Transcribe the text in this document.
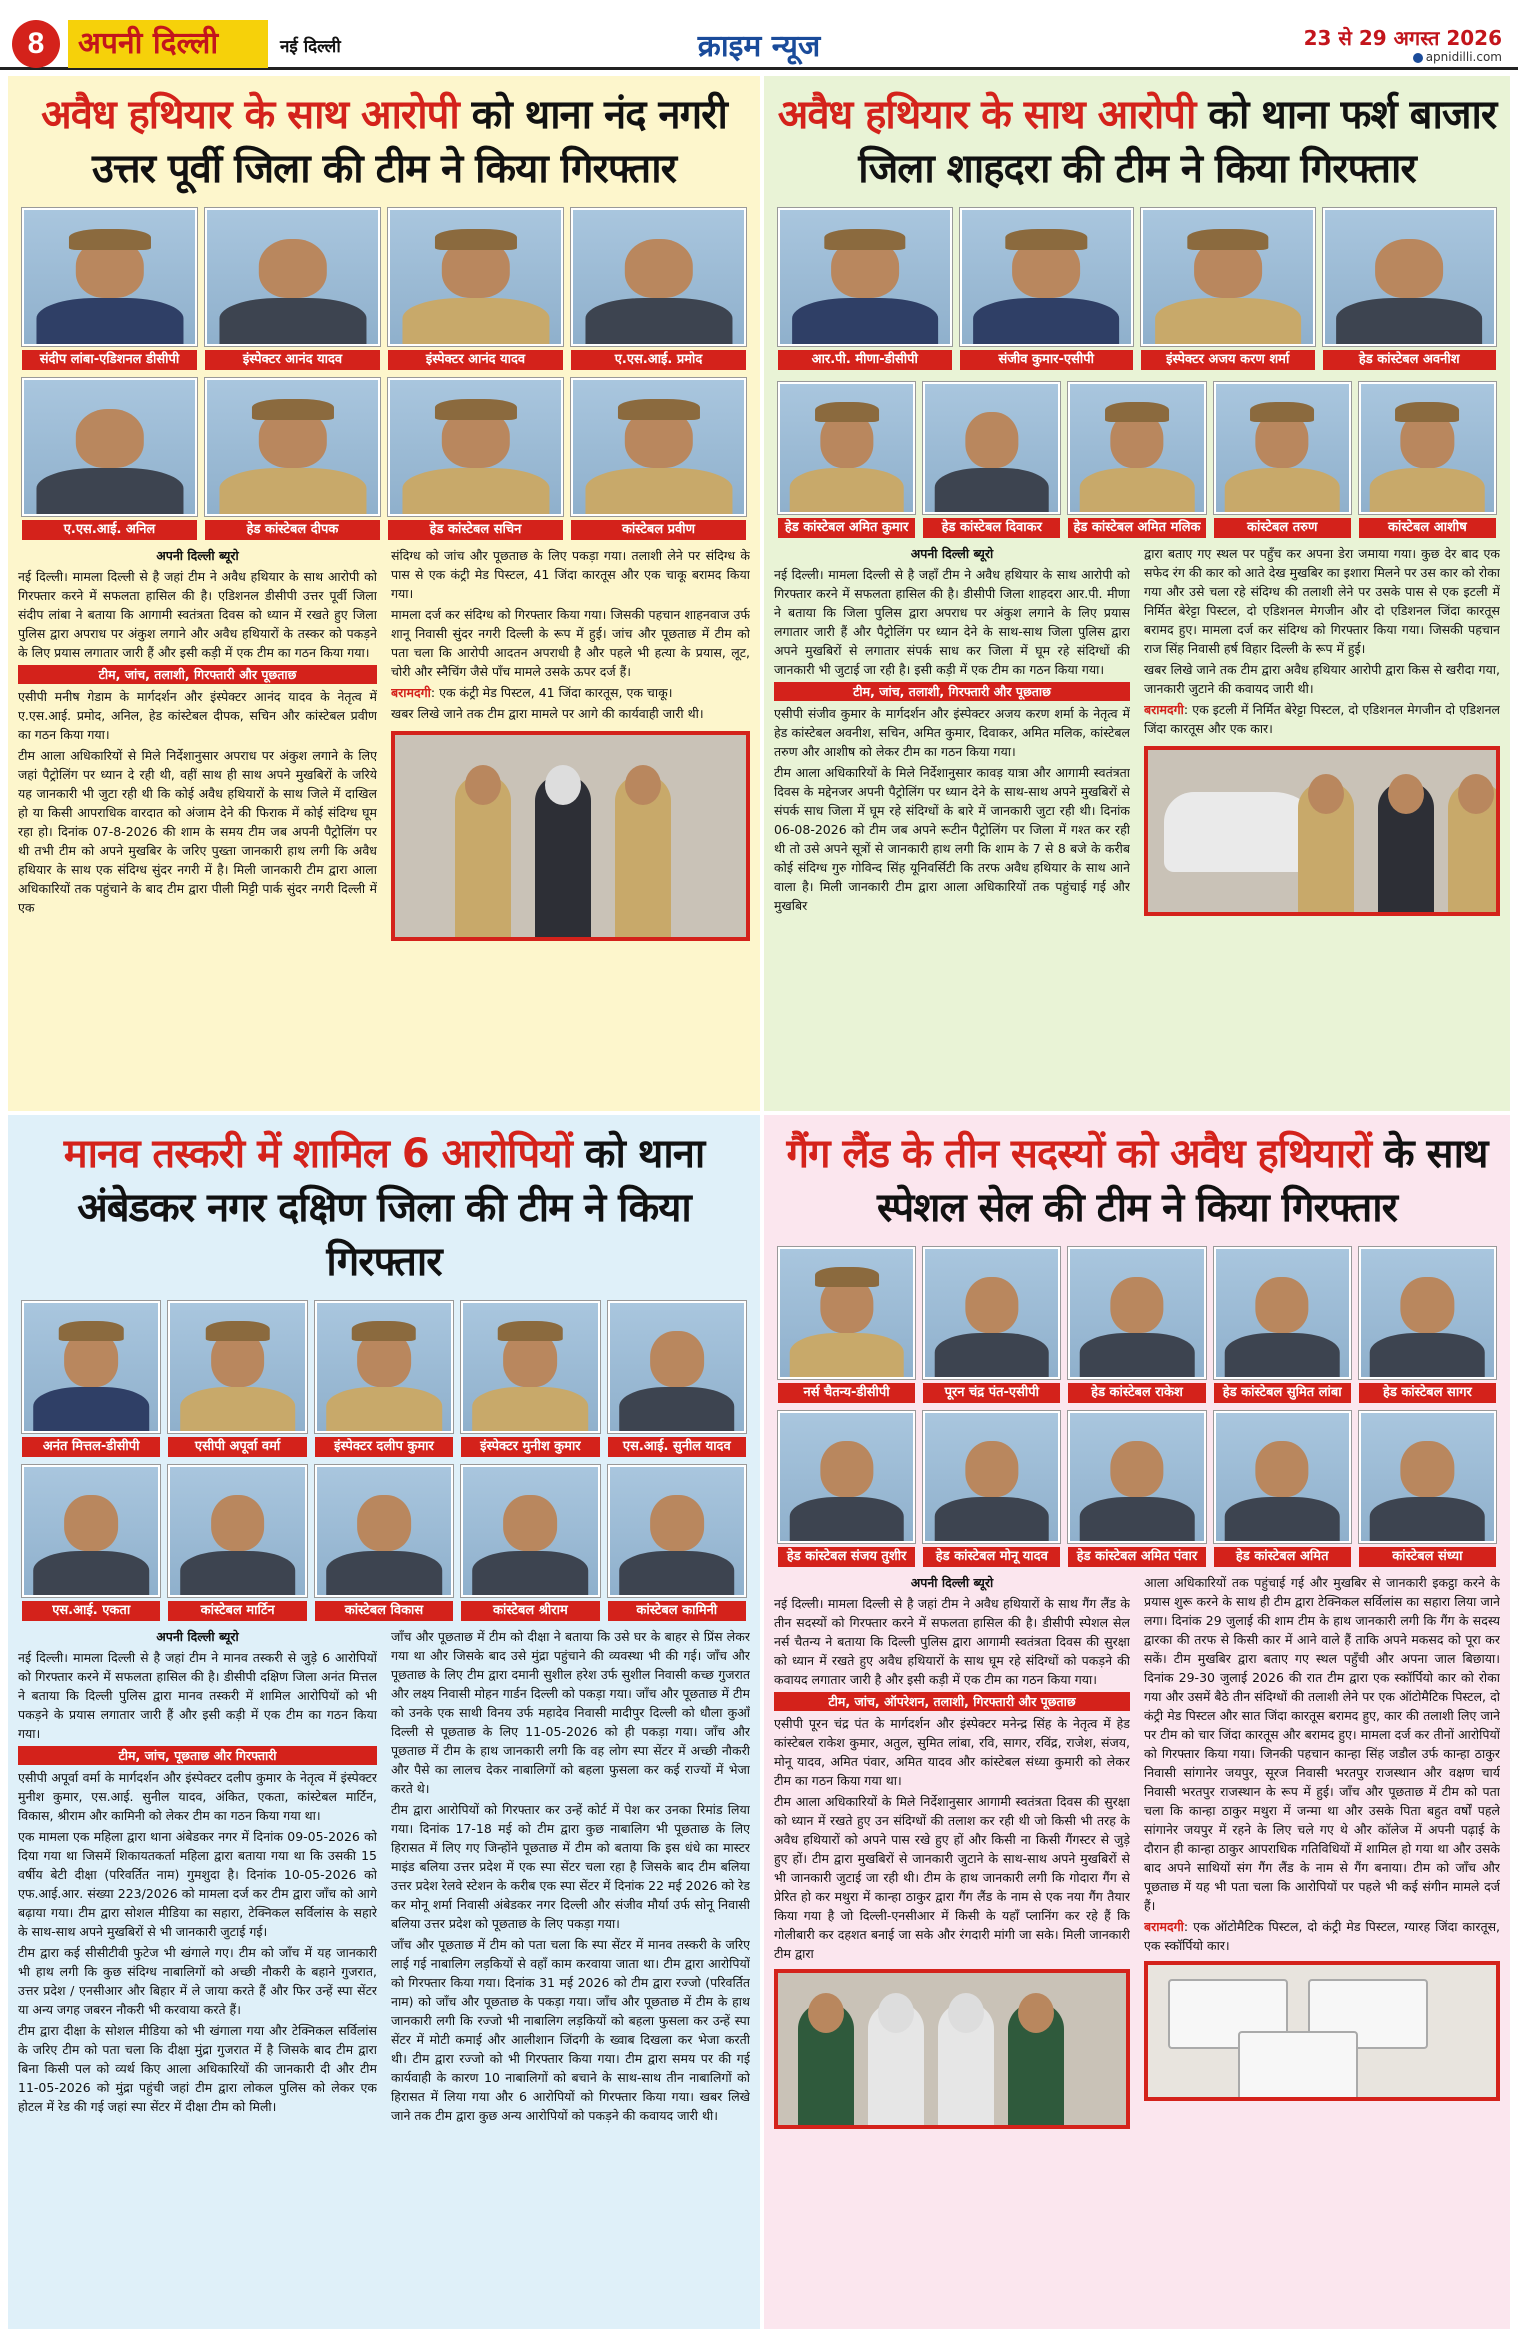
8	अपनी दिल्ली	नई दिल्ली	क्राइम न्यूज	23 से 29 अगस्त 2026
apnidilli.com
अवैध हथियार के साथ आरोपी को थाना नंद नगरी उत्तर पूर्वी जिला की टीम ने किया गिरफ्तार
संदीप लांबा-एडिशनल डीसीपी	इंस्पेक्टर आनंद यादव	इंस्पेक्टर आनंद यादव	ए.एस.आई. प्रमोद
ए.एस.आई. अनिल	हेड कांस्टेबल दीपक	हेड कांस्टेबल सचिन	कांस्टेबल प्रवीण
अपनी दिल्ली ब्यूरो

नई दिल्ली। मामला दिल्ली से है जहां टीम ने अवैध हथियार के साथ आरोपी को गिरफ्तार करने में सफलता हासिल की है। एडिशनल डीसीपी उत्तर पूर्वी जिला संदीप लांबा ने बताया कि आगामी स्वतंत्रता दिवस को ध्यान में रखते हुए जिला पुलिस द्वारा अपराध पर अंकुश लगाने और अवैध हथियारों के तस्कर को पकड़ने के लिए प्रयास लगातार जारी हैं और इसी कड़ी में एक टीम का गठन किया गया।

टीम, जांच, तलाशी, गिरफ्तारी और पूछताछ

एसीपी मनीष गेडाम के मार्गदर्शन और इंस्पेक्टर आनंद यादव के नेतृत्व में ए.एस.आई. प्रमोद, अनिल, हेड कांस्टेबल दीपक, सचिन और कांस्टेबल प्रवीण का गठन किया गया।

टीम आला अधिकारियों से मिले निर्देशानुसार अपराध पर अंकुश लगाने के लिए जहां पैट्रोलिंग पर ध्यान दे रही थी, वहीं साथ ही साथ अपने मुखबिरों के जरिये यह जानकारी भी जुटा रही थी कि कोई अवैध हथियारों के साथ जिले में दाखिल हो या किसी आपराधिक वारदात को अंजाम देने की फिराक में कोई संदिग्ध घूम रहा हो। दिनांक 07-8-2026 की शाम के समय टीम जब अपनी पैट्रोलिंग पर थी तभी टीम को अपने मुखबिर के जरिए पुख्ता जानकारी हाथ लगी कि अवैध हथियार के साथ एक संदिग्ध सुंदर नगरी में है। मिली जानकारी टीम द्वारा आला अधिकारियों तक पहुंचाने के बाद टीम द्वारा पीली मिट्टी पार्क सुंदर नगरी दिल्ली में एक

संदिग्ध को जांच और पूछताछ के लिए पकड़ा गया। तलाशी लेने पर संदिग्ध के पास से एक कंट्री मेड पिस्टल, 41 जिंदा कारतूस और एक चाकू बरामद किया गया।

मामला दर्ज कर संदिग्ध को गिरफ्तार किया गया। जिसकी पहचान शाहनवाज उर्फ शानू निवासी सुंदर नगरी दिल्ली के रूप में हुई। जांच और पूछताछ में टीम को पता चला कि आरोपी आदतन अपराधी है और पहले भी हत्या के प्रयास, लूट, चोरी और स्नैचिंग जैसे पाँच मामले उसके ऊपर दर्ज हैं।

बरामदगी: एक कंट्री मेड पिस्टल, 41 जिंदा कारतूस, एक चाकू।

खबर लिखे जाने तक टीम द्वारा मामले पर आगे की कार्यवाही जारी थी।

अवैध हथियार के साथ आरोपी को थाना फर्श बाजार जिला शाहदरा की टीम ने किया गिरफ्तार
आर.पी. मीणा-डीसीपी	संजीव कुमार-एसीपी	इंस्पेक्टर अजय करण शर्मा	हेड कांस्टेबल अवनीश
हेड कांस्टेबल अमित कुमार	हेड कांस्टेबल दिवाकर	हेड कांस्टेबल अमित मलिक	कांस्टेबल तरुण	कांस्टेबल आशीष
अपनी दिल्ली ब्यूरो

नई दिल्ली। मामला दिल्ली से है जहाँ टीम ने अवैध हथियार के साथ आरोपी को गिरफ्तार करने में सफलता हासिल की है। डीसीपी जिला शाहदरा आर.पी. मीणा ने बताया कि जिला पुलिस द्वारा अपराध पर अंकुश लगाने के लिए प्रयास लगातार जारी हैं और पैट्रोलिंग पर ध्यान देने के साथ-साथ जिला पुलिस द्वारा अपने मुखबिरों से लगातार संपर्क साध कर जिला में घूम रहे संदिग्धों की जानकारी भी जुटाई जा रही है। इसी कड़ी में एक टीम का गठन किया गया।

टीम, जांच, तलाशी, गिरफ्तारी और पूछताछ

एसीपी संजीव कुमार के मार्गदर्शन और इंस्पेक्टर अजय करण शर्मा के नेतृत्व में हेड कांस्टेबल अवनीश, सचिन, अमित कुमार, दिवाकर, अमित मलिक, कांस्टेबल तरुण और आशीष को लेकर टीम का गठन किया गया।

टीम आला अधिकारियों के मिले निर्देशानुसार कावड़ यात्रा और आगामी स्वतंत्रता दिवस के मद्देनजर अपनी पैट्रोलिंग पर ध्यान देने के साथ-साथ अपने मुखबिरों से संपर्क साध जिला में घूम रहे संदिग्धों के बारे में जानकारी जुटा रही थी। दिनांक 06-08-2026 को टीम जब अपने रूटीन पैट्रोलिंग पर जिला में गश्त कर रही थी तो उसे अपने सूत्रों से जानकारी हाथ लगी कि शाम के 7 से 8 बजे के करीब कोई संदिग्ध गुरु गोविन्द सिंह यूनिवर्सिटी कि तरफ अवैध हथियार के साथ आने वाला है। मिली जानकारी टीम द्वारा आला अधिकारियों तक पहुंचाई गई और मुखबिर

द्वारा बताए गए स्थल पर पहुँच कर अपना डेरा जमाया गया। कुछ देर बाद एक सफेद रंग की कार को आते देख मुखबिर का इशारा मिलने पर उस कार को रोका गया और उसे चला रहे संदिग्ध की तलाशी लेने पर उसके पास से एक इटली में निर्मित बेरेट्टा पिस्टल, दो एडिशनल मेगजीन और दो एडिशनल जिंदा कारतूस बरामद हुए। मामला दर्ज कर संदिग्ध को गिरफ्तार किया गया। जिसकी पहचान राज सिंह निवासी हर्ष विहार दिल्ली के रूप में हुई।

खबर लिखे जाने तक टीम द्वारा अवैध हथियार आरोपी द्वारा किस से खरीदा गया, जानकारी जुटाने की कवायद जारी थी।

बरामदगी: एक इटली में निर्मित बेरेट्टा पिस्टल, दो एडिशनल मेगजीन दो एडिशनल जिंदा कारतूस और एक कार।

मानव तस्करी में शामिल 6 आरोपियों को थाना अंबेडकर नगर दक्षिण जिला की टीम ने किया गिरफ्तार
अनंत मित्तल-डीसीपी	एसीपी अपूर्वा वर्मा	इंस्पेक्टर दलीप कुमार	इंस्पेक्टर मुनीश कुमार	एस.आई. सुनील यादव
एस.आई. एकता	कांस्टेबल मार्टिन	कांस्टेबल विकास	कांस्टेबल श्रीराम	कांस्टेबल कामिनी
अपनी दिल्ली ब्यूरो

नई दिल्ली। मामला दिल्ली से है जहां टीम ने मानव तस्करी से जुड़े 6 आरोपियों को गिरफ्तार करने में सफलता हासिल की है। डीसीपी दक्षिण जिला अनंत मित्तल ने बताया कि दिल्ली पुलिस द्वारा मानव तस्करी में शामिल आरोपियों को भी पकड़ने के प्रयास लगातार जारी हैं और इसी कड़ी में एक टीम का गठन किया गया।

टीम, जांच, पूछताछ और गिरफ्तारी

एसीपी अपूर्वा वर्मा के मार्गदर्शन और इंस्पेक्टर दलीप कुमार के नेतृत्व में इंस्पेक्टर मुनीश कुमार, एस.आई. सुनील यादव, अंकित, एकता, कांस्टेबल मार्टिन, विकास, श्रीराम और कामिनी को लेकर टीम का गठन किया गया था।

एक मामला एक महिला द्वारा थाना अंबेडकर नगर में दिनांक 09-05-2026 को दिया गया था जिसमें शिकायतकर्ता महिला द्वारा बताया गया था कि उसकी 15 वर्षीय बेटी दीक्षा (परिवर्तित नाम) गुमशुदा है। दिनांक 10-05-2026 को एफ.आई.आर. संख्या 223/2026 को मामला दर्ज कर टीम द्वारा जाँच को आगे बढ़ाया गया। टीम द्वारा सोशल मीडिया का सहारा, टेक्निकल सर्विलांस के सहारे के साथ-साथ अपने मुखबिरों से भी जानकारी जुटाई गई।

टीम द्वारा कई सीसीटीवी फुटेज भी खंगाले गए। टीम को जाँच में यह जानकारी भी हाथ लगी कि कुछ संदिग्ध नाबालिगों को अच्छी नौकरी के बहाने गुजरात, उत्तर प्रदेश / एनसीआर और बिहार में ले जाया करते हैं और फिर उन्हें स्पा सेंटर या अन्य जगह जबरन नौकरी भी करवाया करते हैं।

टीम द्वारा दीक्षा के सोशल मीडिया को भी खंगाला गया और टेक्निकल सर्विलांस के जरिए टीम को पता चला कि दीक्षा मुंद्रा गुजरात में है जिसके बाद टीम द्वारा बिना किसी पल को व्यर्थ किए आला अधिकारियों की जानकारी दी और टीम 11-05-2026 को मुंद्रा पहुंची जहां टीम द्वारा लोकल पुलिस को लेकर एक होटल में रेड की गई जहां स्पा सेंटर में दीक्षा टीम को मिली।

जाँच और पूछताछ में टीम को दीक्षा ने बताया कि उसे घर के बाहर से प्रिंस लेकर गया था और जिसके बाद उसे मुंद्रा पहुंचाने की व्यवस्था भी की गई। जाँच और पूछताछ के लिए टीम द्वारा दमानी सुशील हरेश उर्फ सुशील निवासी कच्छ गुजरात और लक्ष्य निवासी मोहन गार्डन दिल्ली को पकड़ा गया। जाँच और पूछताछ में टीम को उनके एक साथी विनय उर्फ महादेव निवासी मादीपुर दिल्ली को धौला कुआँ दिल्ली से पूछताछ के लिए 11-05-2026 को ही पकड़ा गया। जाँच और पूछताछ में टीम के हाथ जानकारी लगी कि वह लोग स्पा सेंटर में अच्छी नौकरी और पैसे का लालच देकर नाबालिगों को बहला फुसला कर कई राज्यों में भेजा करते थे।

टीम द्वारा आरोपियों को गिरफ्तार कर उन्हें कोर्ट में पेश कर उनका रिमांड लिया गया। दिनांक 17-18 मई को टीम द्वारा कुछ नाबालिग भी पूछताछ के लिए हिरासत में लिए गए जिन्होंने पूछताछ में टीम को बताया कि इस धंधे का मास्टर माइंड बलिया उत्तर प्रदेश में एक स्पा सेंटर चला रहा है जिसके बाद टीम बलिया उत्तर प्रदेश रेलवे स्टेशन के करीब एक स्पा सेंटर में दिनांक 22 मई 2026 को रेड कर मोनू शर्मा निवासी अंबेडकर नगर दिल्ली और संजीव मौर्या उर्फ सोनू निवासी बलिया उत्तर प्रदेश को पूछताछ के लिए पकड़ा गया।

जाँच और पूछताछ में टीम को पता चला कि स्पा सेंटर में मानव तस्करी के जरिए लाई गई नाबालिग लड़कियों से वहाँ काम करवाया जाता था। टीम द्वारा आरोपियों को गिरफ्तार किया गया। दिनांक 31 मई 2026 को टीम द्वारा रज्जो (परिवर्तित नाम) को जाँच और पूछताछ के पकड़ा गया। जाँच और पूछताछ में टीम के हाथ जानकारी लगी कि रज्जो भी नाबालिग लड़कियों को बहला फुसला कर उन्हें स्पा सेंटर में मोटी कमाई और आलीशान जिंदगी के ख्वाब दिखला कर भेजा करती थी। टीम द्वारा रज्जो को भी गिरफ्तार किया गया। टीम द्वारा समय पर की गई कार्यवाही के कारण 10 नाबालिगों को बचाने के साथ-साथ तीन नाबालिगों को हिरासत में लिया गया और 6 आरोपियों को गिरफ्तार किया गया। खबर लिखे जाने तक टीम द्वारा कुछ अन्य आरोपियों को पकड़ने की कवायद जारी थी।

गैंग लैंड के तीन सदस्यों को अवैध हथियारों के साथ स्पेशल सेल की टीम ने किया गिरफ्तार
नर्स चैतन्य-डीसीपी	पूरन चंद्र पंत-एसीपी	हेड कांस्टेबल राकेश	हेड कांस्टेबल सुमित लांबा	हेड कांस्टेबल सागर
हेड कांस्टेबल संजय तुशीर	हेड कांस्टेबल मोनू यादव	हेड कांस्टेबल अमित पंवार	हेड कांस्टेबल अमित	कांस्टेबल संध्या
अपनी दिल्ली ब्यूरो

नई दिल्ली। मामला दिल्ली से है जहां टीम ने अवैध हथियारों के साथ गैंग लैंड के तीन सदस्यों को गिरफ्तार करने में सफलता हासिल की है। डीसीपी स्पेशल सेल नर्स चैतन्य ने बताया कि दिल्ली पुलिस द्वारा आगामी स्वतंत्रता दिवस की सुरक्षा को ध्यान में रखते हुए अवैध हथियारों के साथ घूम रहे संदिग्धों को पकड़ने की कवायद लगातार जारी है और इसी कड़ी में एक टीम का गठन किया गया।

टीम, जांच, ऑपरेशन, तलाशी, गिरफ्तारी और पूछताछ

एसीपी पूरन चंद्र पंत के मार्गदर्शन और इंस्पेक्टर मनेन्द्र सिंह के नेतृत्व में हेड कांस्टेबल राकेश कुमार, अतुल, सुमित लांबा, रवि, सागर, रविंद्र, राजेश, संजय, मोनू यादव, अमित पंवार, अमित यादव और कांस्टेबल संध्या कुमारी को लेकर टीम का गठन किया गया था।

टीम आला अधिकारियों के मिले निर्देशानुसार आगामी स्वतंत्रता दिवस की सुरक्षा को ध्यान में रखते हुए उन संदिग्धों की तलाश कर रही थी जो किसी भी तरह के अवैध हथियारों को अपने पास रखे हुए हों और किसी ना किसी गैंगस्टर से जुड़े हुए हों। टीम द्वारा मुखबिरों से जानकारी जुटाने के साथ-साथ अपने मुखबिरों से भी जानकारी जुटाई जा रही थी। टीम के हाथ जानकारी लगी कि गोदारा गैंग से प्रेरित हो कर मथुरा में कान्हा ठाकुर द्वारा गैंग लैंड के नाम से एक नया गैंग तैयार किया गया है जो दिल्ली-एनसीआर में किसी के यहाँ प्लानिंग कर रहे हैं कि गोलीबारी कर दहशत बनाई जा सके और रंगदारी मांगी जा सके। मिली जानकारी टीम द्वारा

आला अधिकारियों तक पहुंचाई गई और मुखबिर से जानकारी इकट्ठा करने के प्रयास शुरू करने के साथ ही टीम द्वारा टेक्निकल सर्विलांस का सहारा लिया जाने लगा। दिनांक 29 जुलाई की शाम टीम के हाथ जानकारी लगी कि गैंग के सदस्य द्वारका की तरफ से किसी कार में आने वाले हैं ताकि अपने मकसद को पूरा कर सकें। टीम मुखबिर द्वारा बताए गए स्थल पहुँची और अपना जाल बिछाया। दिनांक 29-30 जुलाई 2026 की रात टीम द्वारा एक स्कॉर्पियो कार को रोका गया और उसमें बैठे तीन संदिग्धों की तलाशी लेने पर एक ऑटोमैटिक पिस्टल, दो कंट्री मेड पिस्टल और सात जिंदा कारतूस बरामद हुए, कार की तलाशी लिए जाने पर टीम को चार जिंदा कारतूस और बरामद हुए। मामला दर्ज कर तीनों आरोपियों को गिरफ्तार किया गया। जिनकी पहचान कान्हा सिंह जडौल उर्फ कान्हा ठाकुर निवासी सांगानेर जयपुर, सूरज निवासी भरतपुर राजस्थान और वक्षण चार्य निवासी भरतपुर राजस्थान के रूप में हुई। जाँच और पूछताछ में टीम को पता चला कि कान्हा ठाकुर मथुरा में जन्मा था और उसके पिता बहुत वर्षों पहले सांगानेर जयपुर में रहने के लिए चले गए थे और कॉलेज में अपनी पढ़ाई के दौरान ही कान्हा ठाकुर आपराधिक गतिविधियों में शामिल हो गया था और उसके बाद अपने साथियों संग गैंग लैंड के नाम से गैंग बनाया। टीम को जाँच और पूछताछ में यह भी पता चला कि आरोपियों पर पहले भी कई संगीन मामले दर्ज हैं।

बरामदगी: एक ऑटोमैटिक पिस्टल, दो कंट्री मेड पिस्टल, ग्यारह जिंदा कारतूस, एक स्कॉर्पियो कार।
